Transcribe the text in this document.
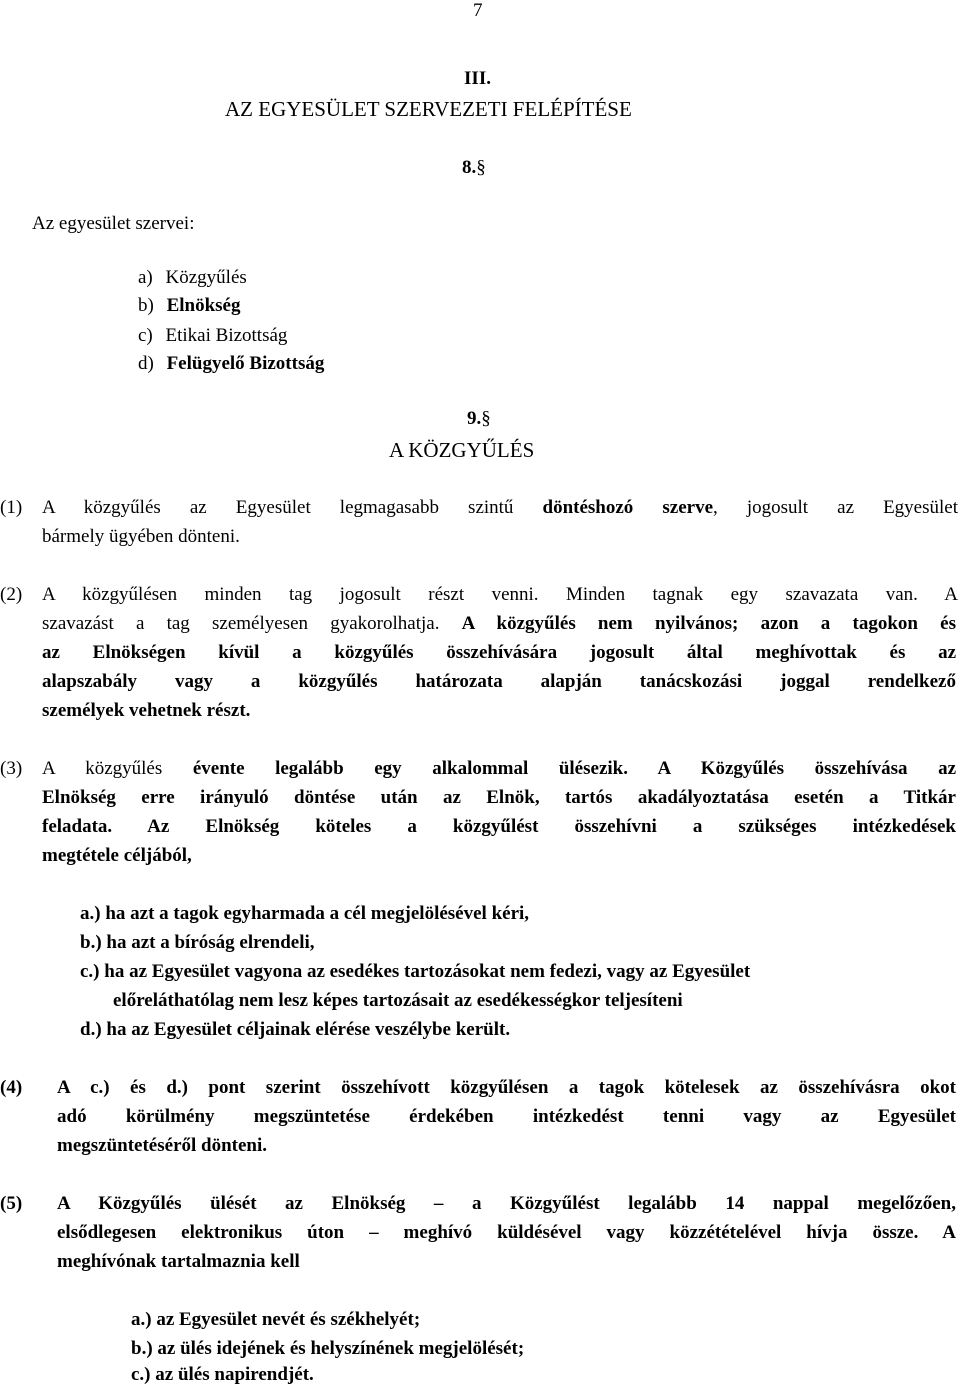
7
III.
AZ EGYESÜLET SZERVEZETI FELÉPÍTÉSE
8.§
Az egyesület szervei:
a) Közgyűlés
b) Elnökség
c) Etikai Bizottság
d) Felügyelő Bizottság
9.§
A KÖZGYŰLÉS
(1) A közgyűlés az Egyesület legmagasabb szintű döntéshozó szerve, jogosult az Egyesület
bármely ügyében dönteni.
(2) A közgyűlésen minden tag jogosult részt venni. Minden tagnak egy szavazata van. A
szavazást a tag személyesen gyakorolhatja. A közgyűlés nem nyilvános; azon a tagokon és
az Elnökségen kívül a közgyűlés összehívására jogosult által meghívottak és az
alapszabály vagy a közgyűlés határozata alapján tanácskozási joggal rendelkező
személyek vehetnek részt.
(3) A közgyűlés évente legalább egy alkalommal ülésezik. A Közgyűlés összehívása az
Elnökség erre irányuló döntése után az Elnök, tartós akadályoztatása esetén a Titkár
feladata. Az Elnökség köteles a közgyűlést összehívni a szükséges intézkedések
megtétele céljából,
a.) ha azt a tagok egyharmada a cél megjelölésével kéri,
b.) ha azt a bíróság elrendeli,
c.) ha az Egyesület vagyona az esedékes tartozásokat nem fedezi, vagy az Egyesület
előreláthatólag nem lesz képes tartozásait az esedékességkor teljesíteni
d.) ha az Egyesület céljainak elérése veszélybe került.
(4) A c.) és d.) pont szerint összehívott közgyűlésen a tagok kötelesek az összehívásra okot
adó körülmény megszüntetése érdekében intézkedést tenni vagy az Egyesület
megszüntetéséről dönteni.
(5) A Közgyűlés ülését az Elnökség – a Közgyűlést legalább 14 nappal megelőzően,
elsődlegesen elektronikus úton – meghívó küldésével vagy közzétételével hívja össze. A
meghívónak tartalmaznia kell
a.) az Egyesület nevét és székhelyét;
b.) az ülés idejének és helyszínének megjelölését;
c.) az ülés napirendjét.
